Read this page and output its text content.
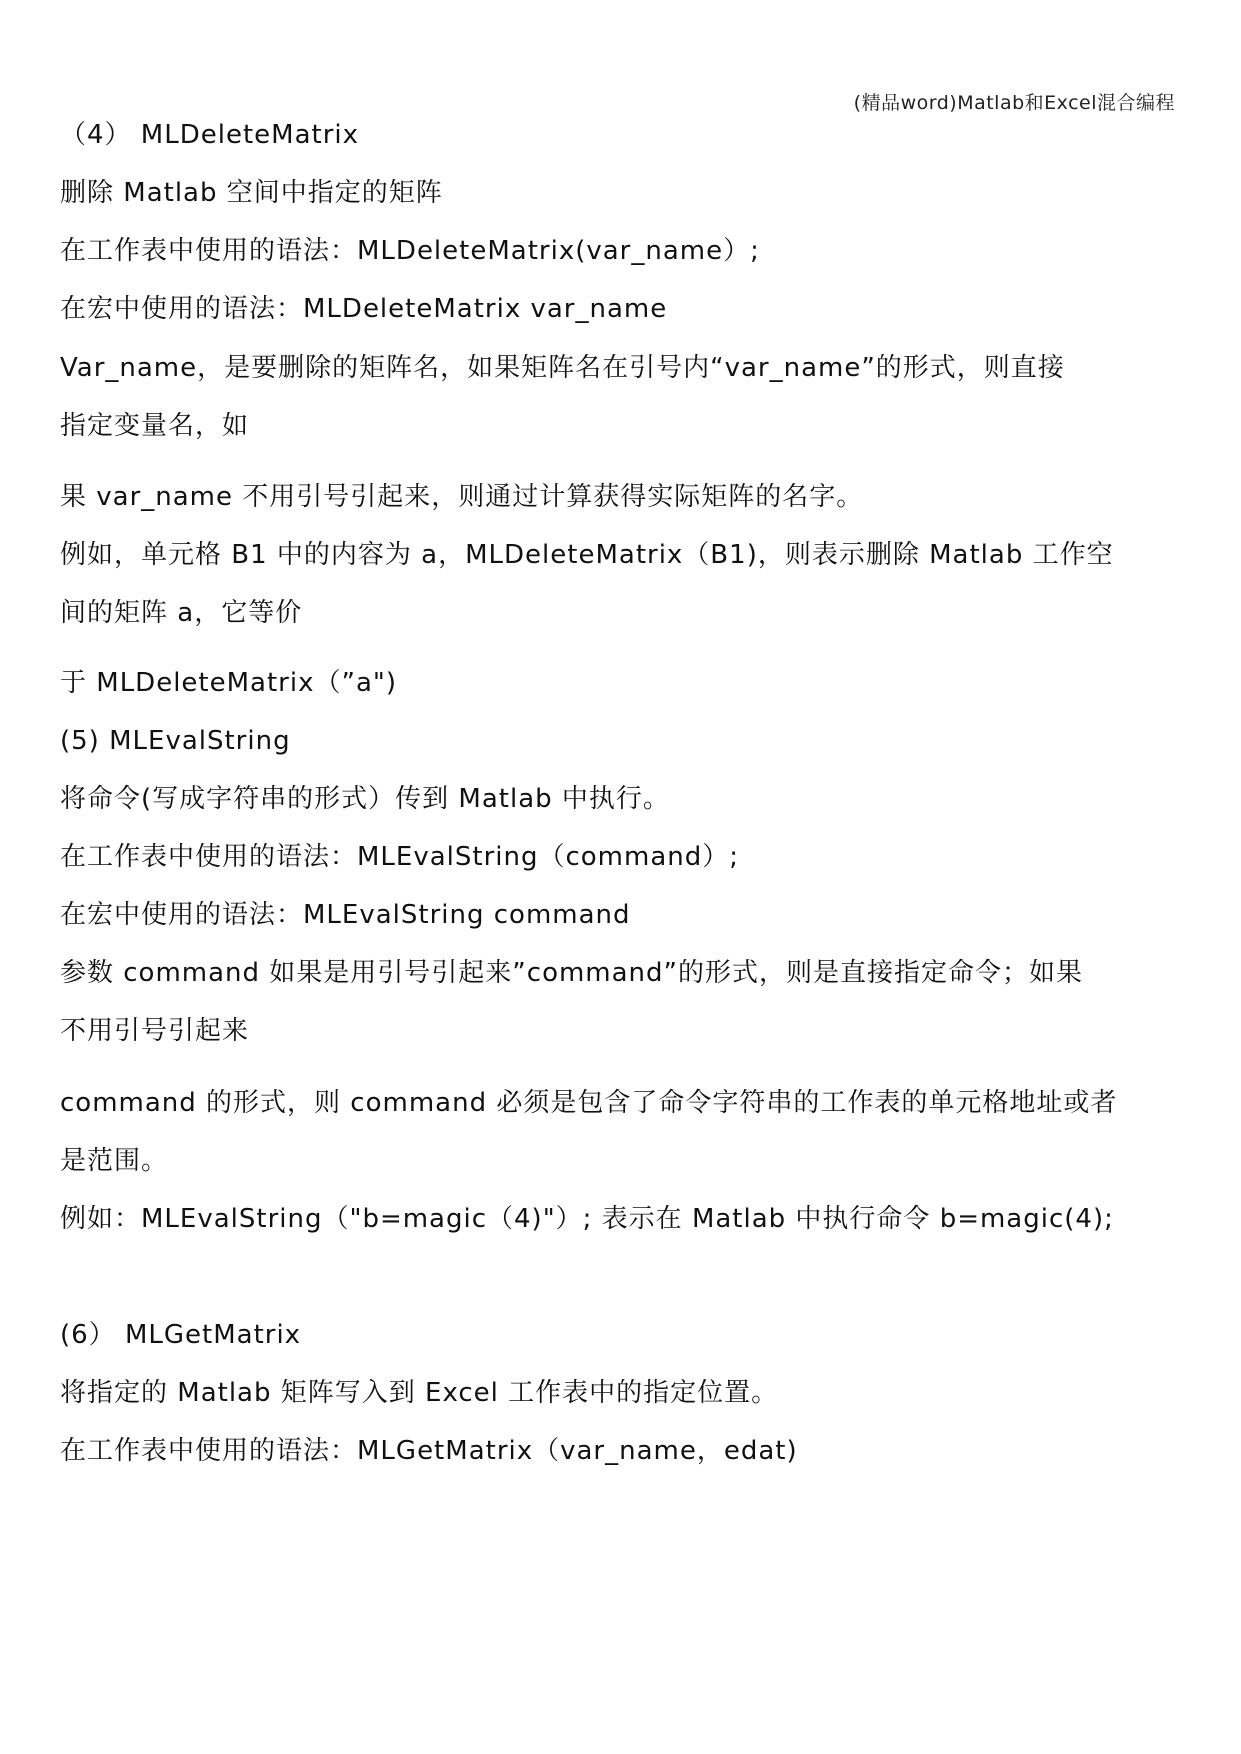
(精品word)Matlab和Excel混合编程
（4） MLDeleteMatrix
删除 Matlab 空间中指定的矩阵
在工作表中使用的语法：MLDeleteMatrix(var_name）;
在宏中使用的语法：MLDeleteMatrix var_name
Var_name，是要删除的矩阵名，如果矩阵名在引号内“var_name”的形式，则直接
指定变量名，如
果 var_name 不用引号引起来，则通过计算获得实际矩阵的名字。
例如，单元格 B1 中的内容为 a，MLDeleteMatrix（B1)，则表示删除 Matlab 工作空
间的矩阵 a，它等价
于 MLDeleteMatrix（”a")
(5) MLEvalString
将命令(写成字符串的形式）传到 Matlab 中执行。
在工作表中使用的语法：MLEvalString（command）;
在宏中使用的语法：MLEvalString command
参数 command 如果是用引号引起来”command”的形式，则是直接指定命令；如果
不用引号引起来
command 的形式，则 command 必须是包含了命令字符串的工作表的单元格地址或者
是范围。
例如：MLEvalString（"b=magic（4)"）; 表示在 Matlab 中执行命令 b=magic(4);
(6） MLGetMatrix
将指定的 Matlab 矩阵写入到 Excel 工作表中的指定位置。
在工作表中使用的语法：MLGetMatrix（var_name，edat)
